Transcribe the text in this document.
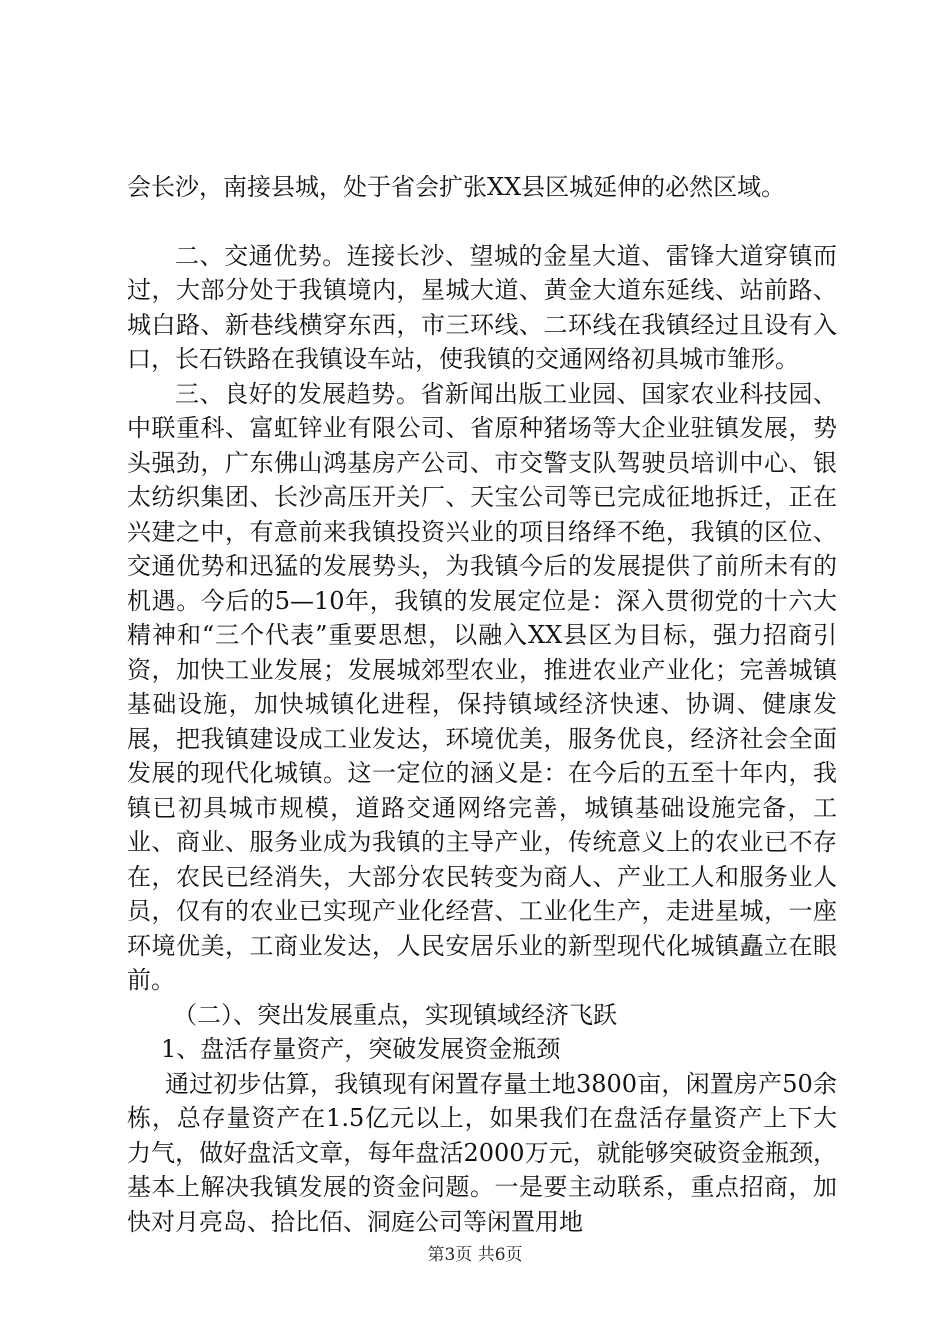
会长沙，南接县城，处于省会扩张XX县区城延伸的必然区域。

二、交通优势。连接长沙、望城的金星大道、雷锋大道穿镇而过，大部分处于我镇境内，星城大道、黄金大道东延线、站前路、城白路、新巷线横穿东西，市三环线、二环线在我镇经过且设有入口，长石铁路在我镇设车站，使我镇的交通网络初具城市雏形。

三、良好的发展趋势。省新闻出版工业园、国家农业科技园、中联重科、富虹锌业有限公司、省原种猪场等大企业驻镇发展，势头强劲，广东佛山鸿基房产公司、市交警支队驾驶员培训中心、银太纺织集团、长沙高压开关厂、天宝公司等已完成征地拆迁，正在兴建之中，有意前来我镇投资兴业的项目络绎不绝，我镇的区位、交通优势和迅猛的发展势头，为我镇今后的发展提供了前所未有的机遇。今后的5—10年，我镇的发展定位是：深入贯彻党的十六大精神和“三个代表”重要思想，以融入XX县区为目标，强力招商引资，加快工业发展；发展城郊型农业，推进农业产业化；完善城镇基础设施，加快城镇化进程，保持镇域经济快速、协调、健康发展，把我镇建设成工业发达，环境优美，服务优良，经济社会全面发展的现代化城镇。这一定位的涵义是：在今后的五至十年内，我镇已初具城市规模，道路交通网络完善，城镇基础设施完备，工业、商业、服务业成为我镇的主导产业，传统意义上的农业已不存在，农民已经消失，大部分农民转变为商人、产业工人和服务业人员，仅有的农业已实现产业化经营、工业化生产，走进星城，一座环境优美，工商业发达，人民安居乐业的新型现代化城镇矗立在眼前。

（二）、突出发展重点，实现镇域经济飞跃

1、盘活存量资产，突破发展资金瓶颈

通过初步估算，我镇现有闲置存量土地3800亩，闲置房产50余栋，总存量资产在1.5亿元以上，如果我们在盘活存量资产上下大力气，做好盘活文章，每年盘活2000万元，就能够突破资金瓶颈，基本上解决我镇发展的资金问题。一是要主动联系，重点招商，加快对月亮岛、拾比佰、洞庭公司等闲置用地

第3页 共6页
